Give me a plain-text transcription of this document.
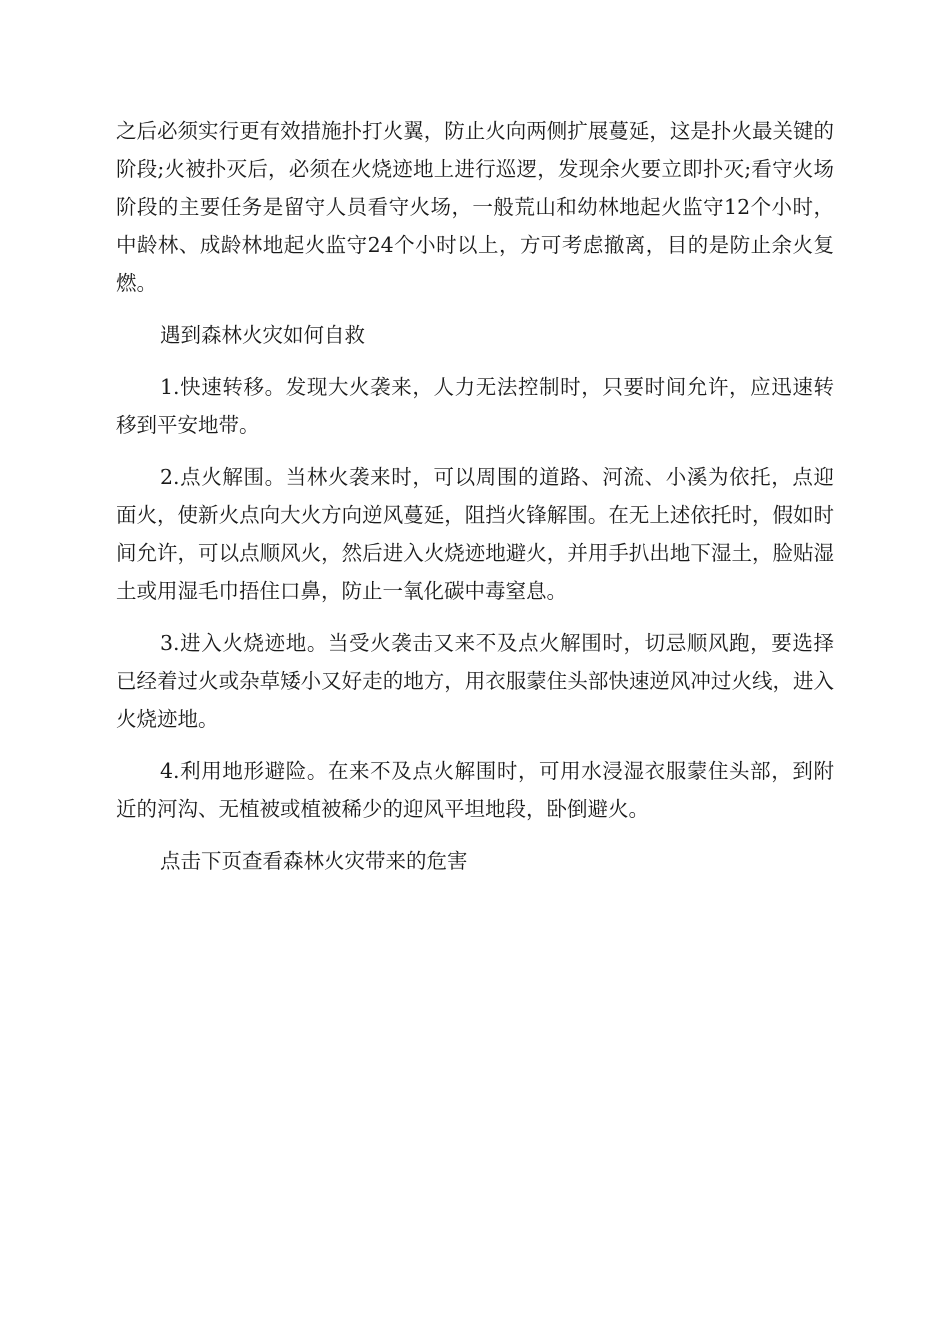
之后必须实行更有效措施扑打火翼，防止火向两侧扩展蔓延，这是扑火最关键的阶段;火被扑灭后，必须在火烧迹地上进行巡逻，发现余火要立即扑灭;看守火场阶段的主要任务是留守人员看守火场，一般荒山和幼林地起火监守12个小时，中龄林、成龄林地起火监守24个小时以上，方可考虑撤离，目的是防止余火复燃。

遇到森林火灾如何自救

1.快速转移。发现大火袭来，人力无法控制时，只要时间允许，应迅速转移到平安地带。

2.点火解围。当林火袭来时，可以周围的道路、河流、小溪为依托，点迎面火，使新火点向大火方向逆风蔓延，阻挡火锋解围。在无上述依托时，假如时间允许，可以点顺风火，然后进入火烧迹地避火，并用手扒出地下湿土，脸贴湿土或用湿毛巾捂住口鼻，防止一氧化碳中毒窒息。

3.进入火烧迹地。当受火袭击又来不及点火解围时，切忌顺风跑，要选择已经着过火或杂草矮小又好走的地方，用衣服蒙住头部快速逆风冲过火线，进入火烧迹地。

4.利用地形避险。在来不及点火解围时，可用水浸湿衣服蒙住头部，到附近的河沟、无植被或植被稀少的迎风平坦地段，卧倒避火。

点击下页查看森林火灾带来的危害
